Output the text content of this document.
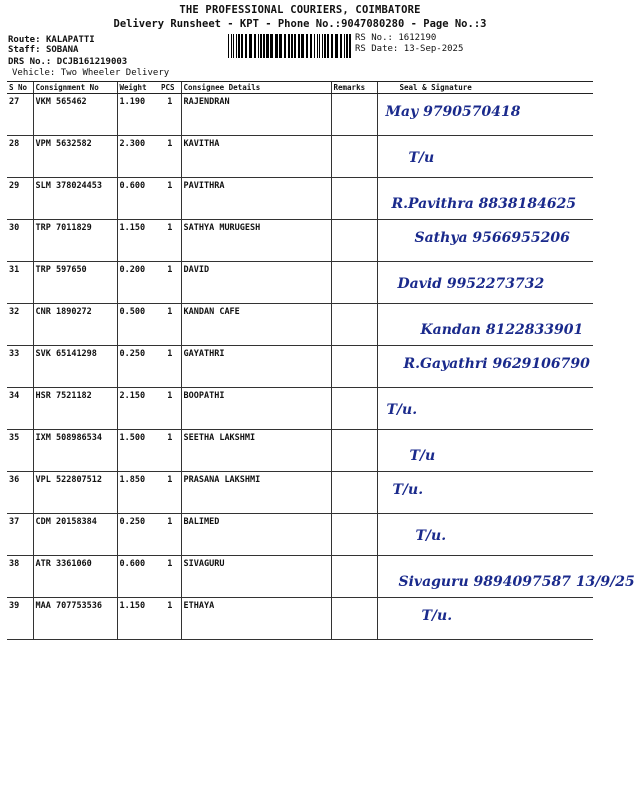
THE PROFESSIONAL COURIERS, COIMBATORE
Delivery Runsheet - KPT - Phone No.:9047080280 - Page No.:3
Route: KALAPATTI
Staff: SOBANA
DRS No.: DCJB161219003
Vehicle: Two Wheeler Delivery
RS No.: 1612190
RS Date: 13-Sep-2025
S No	Consignment No	Weight	PCS	Consignee Details	Remarks	Seal & Signature
27	VKM 565462	1.190	1	RAJENDRAN		May 9790570418

28	VPM 5632582	2.300	1	KAVITHA		T/u

29	SLM 378024453	0.600	1	PAVITHRA		R.Pavithra 8838184625

30	TRP 7011829	1.150	1	SATHYA MURUGESH		Sathya 9566955206

31	TRP 597650	0.200	1	DAVID		David 9952273732

32	CNR 1890272	0.500	1	KANDAN CAFE		Kandan 8122833901

33	SVK 65141298	0.250	1	GAYATHRI		R.Gayathri 9629106790

34	HSR 7521182	2.150	1	BOOPATHI		T/u.

35	IXM 508986534	1.500	1	SEETHA LAKSHMI		T/u

36	VPL 522807512	1.850	1	PRASANA LAKSHMI		T/u.

37	CDM 20158384	0.250	1	BALIMED		T/u.

38	ATR 3361060	0.600	1	SIVAGURU		Sivaguru 9894097587 13/9/25

39	MAA 707753536	1.150	1	ETHAYA		T/u.
